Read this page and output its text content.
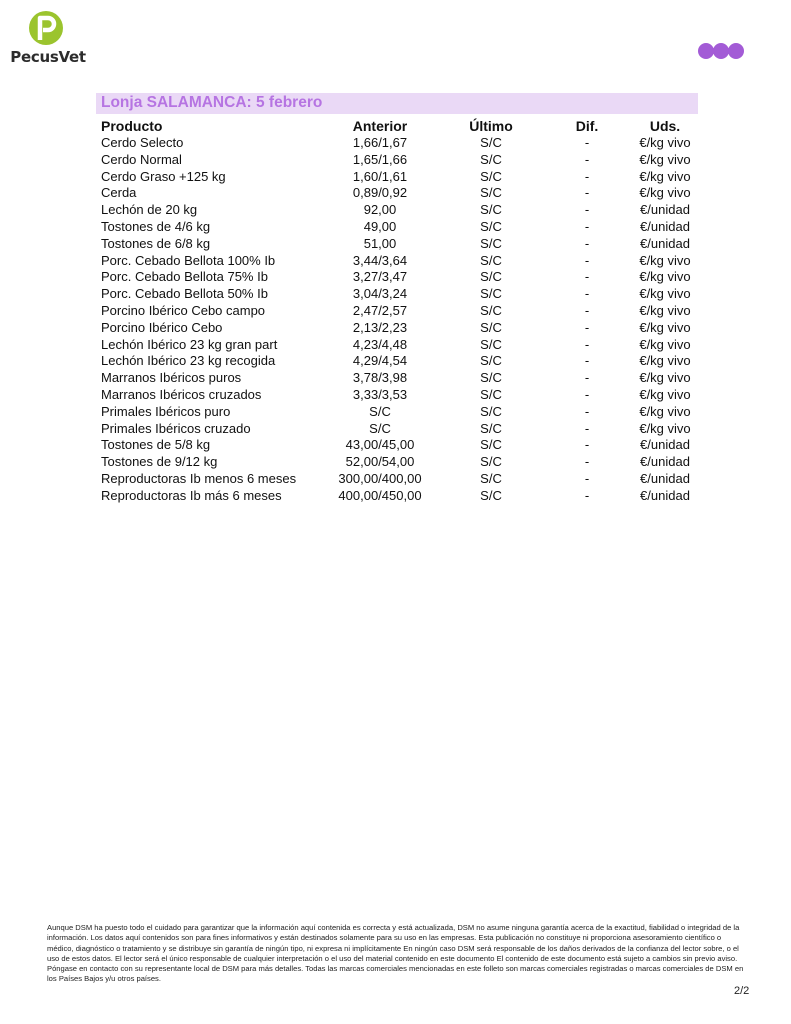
PecusVet
Lonja SALAMANCA: 5 febrero
Producto	Anterior	Último	Dif.	Uds.
Cerdo Selecto	1,66/1,67	S/C	-	€/kg vivo
Cerdo Normal	1,65/1,66	S/C	-	€/kg vivo
Cerdo Graso +125 kg	1,60/1,61	S/C	-	€/kg vivo
Cerda	0,89/0,92	S/C	-	€/kg vivo
Lechón de 20 kg	92,00	S/C	-	€/unidad
Tostones de 4/6 kg	49,00	S/C	-	€/unidad
Tostones de 6/8 kg	51,00	S/C	-	€/unidad
Porc. Cebado Bellota 100% Ib	3,44/3,64	S/C	-	€/kg vivo
Porc. Cebado Bellota 75% Ib	3,27/3,47	S/C	-	€/kg vivo
Porc. Cebado Bellota 50% Ib	3,04/3,24	S/C	-	€/kg vivo
Porcino Ibérico Cebo campo	2,47/2,57	S/C	-	€/kg vivo
Porcino Ibérico Cebo	2,13/2,23	S/C	-	€/kg vivo
Lechón Ibérico 23 kg gran part	4,23/4,48	S/C	-	€/kg vivo
Lechón Ibérico 23 kg recogida	4,29/4,54	S/C	-	€/kg vivo
Marranos Ibéricos puros	3,78/3,98	S/C	-	€/kg vivo
Marranos Ibéricos cruzados	3,33/3,53	S/C	-	€/kg vivo
Primales Ibéricos puro	S/C	S/C	-	€/kg vivo
Primales Ibéricos cruzado	S/C	S/C	-	€/kg vivo
Tostones de 5/8 kg	43,00/45,00	S/C	-	€/unidad
Tostones de 9/12 kg	52,00/54,00	S/C	-	€/unidad
Reproductoras Ib menos 6 meses	300,00/400,00	S/C	-	€/unidad
Reproductoras Ib más 6 meses	400,00/450,00	S/C	-	€/unidad
Aunque DSM ha puesto todo el cuidado para garantizar que la información aquí contenida es correcta y está actualizada, DSM no asume ninguna garantía acerca de la exactitud, fiabilidad o integridad de la información. Los datos aquí contenidos son para fines informativos y están destinados solamente para su uso en las empresas. Esta publicación no constituye ni proporciona asesoramiento científico o médico, diagnóstico o tratamiento y se distribuye sin garantía de ningún tipo, ni expresa ni implícitamente En ningún caso DSM será responsable de los daños derivados de la confianza del lector sobre, o el uso de estos datos. El lector será el único responsable de cualquier interpretación o el uso del material contenido en este documento El contenido de este documento está sujeto a cambios sin previo aviso. Póngase en contacto con su representante local de DSM para más detalles. Todas las marcas comerciales mencionadas en este folleto son marcas comerciales registradas o marcas comerciales de DSM en los Países Bajos y/u otros países.
2/2
